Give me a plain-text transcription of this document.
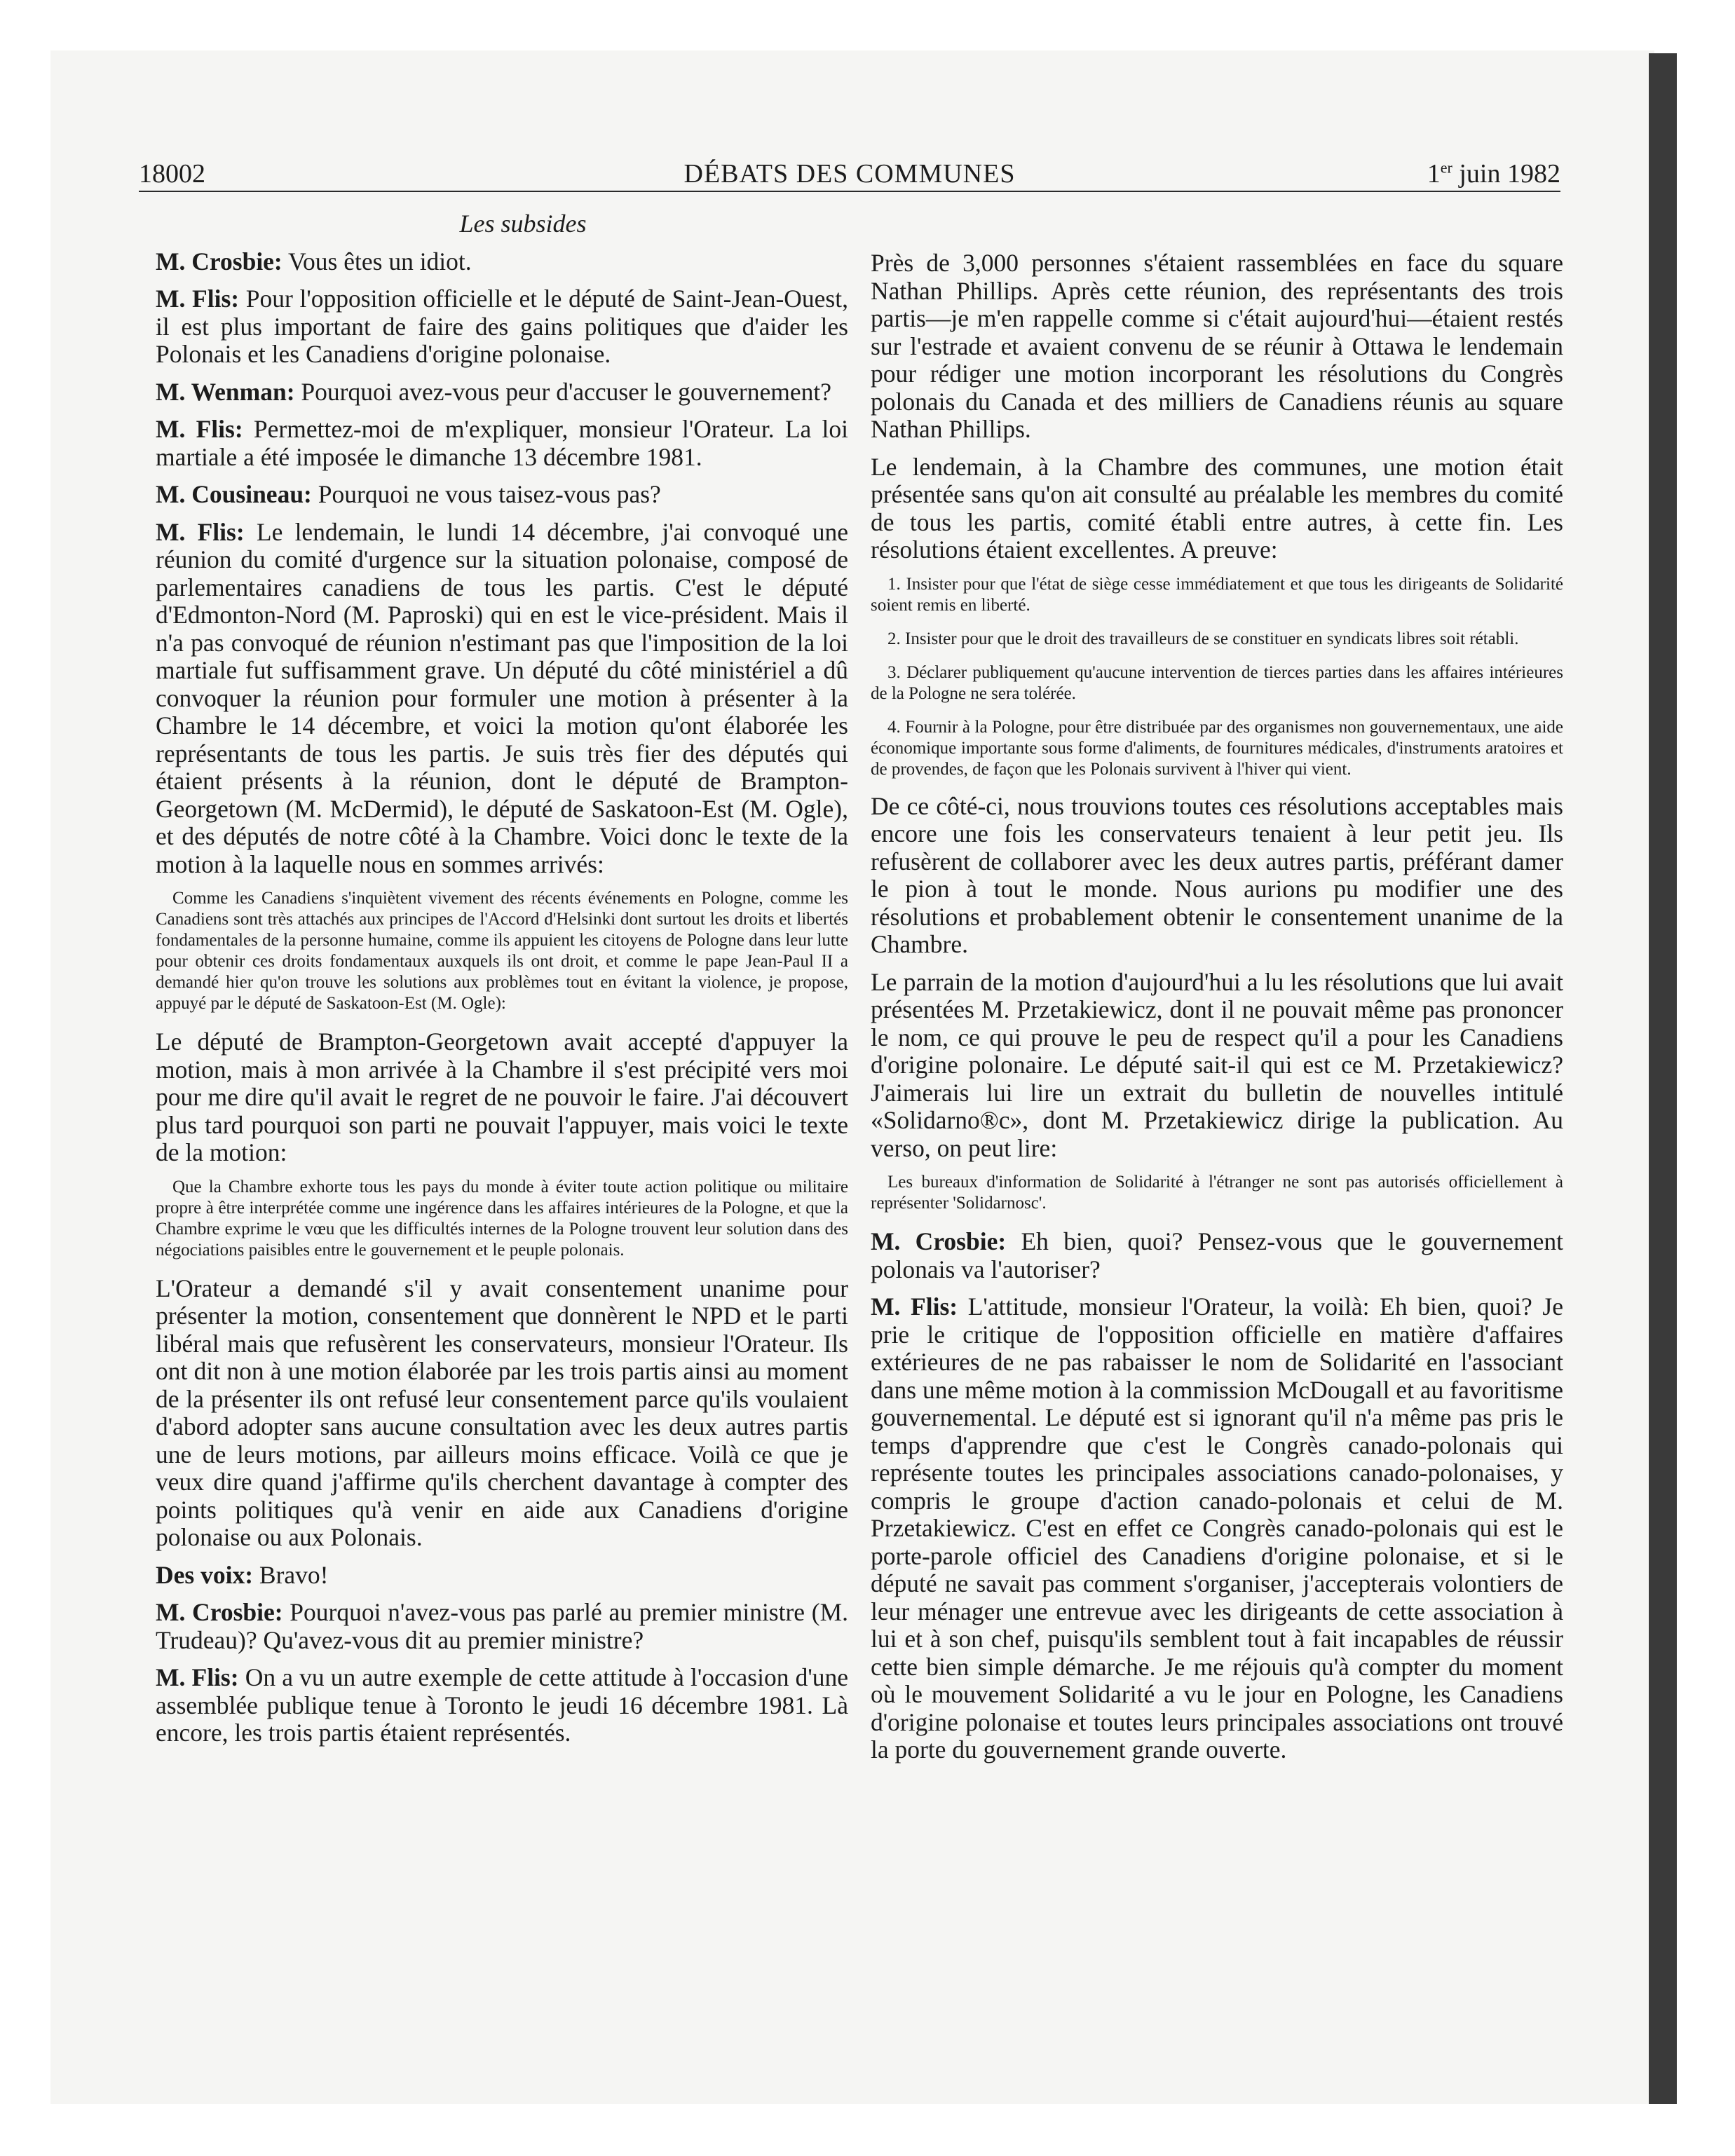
18002	DÉBATS DES COMMUNES	1er juin 1982
Les subsides

M. Crosbie: Vous êtes un idiot.

M. Flis: Pour l'opposition officielle et le député de Saint-Jean-Ouest, il est plus important de faire des gains politiques que d'aider les Polonais et les Canadiens d'origine polonaise.

M. Wenman: Pourquoi avez-vous peur d'accuser le gouvernement?

M. Flis: Permettez-moi de m'expliquer, monsieur l'Orateur. La loi martiale a été imposée le dimanche 13 décembre 1981.

M. Cousineau: Pourquoi ne vous taisez-vous pas?

M. Flis: Le lendemain, le lundi 14 décembre, j'ai convoqué une réunion du comité d'urgence sur la situation polonaise, composé de parlementaires canadiens de tous les partis. C'est le député d'Edmonton-Nord (M. Paproski) qui en est le vice-président. Mais il n'a pas convoqué de réunion n'estimant pas que l'imposition de la loi martiale fut suffisamment grave. Un député du côté ministériel a dû convoquer la réunion pour formuler une motion à présenter à la Chambre le 14 décembre, et voici la motion qu'ont élaborée les représentants de tous les partis. Je suis très fier des députés qui étaient présents à la réunion, dont le député de Brampton-Georgetown (M. McDermid), le député de Saskatoon-Est (M. Ogle), et des députés de notre côté à la Chambre. Voici donc le texte de la motion à la laquelle nous en sommes arrivés:

Comme les Canadiens s'inquiètent vivement des récents événements en Pologne, comme les Canadiens sont très attachés aux principes de l'Accord d'Helsinki dont surtout les droits et libertés fondamentales de la personne humaine, comme ils appuient les citoyens de Pologne dans leur lutte pour obtenir ces droits fondamentaux auxquels ils ont droit, et comme le pape Jean-Paul II a demandé hier qu'on trouve les solutions aux problèmes tout en évitant la violence, je propose, appuyé par le député de Saskatoon-Est (M. Ogle):

Le député de Brampton-Georgetown avait accepté d'appuyer la motion, mais à mon arrivée à la Chambre il s'est précipité vers moi pour me dire qu'il avait le regret de ne pouvoir le faire. J'ai découvert plus tard pourquoi son parti ne pouvait l'appuyer, mais voici le texte de la motion:

Que la Chambre exhorte tous les pays du monde à éviter toute action politique ou militaire propre à être interprétée comme une ingérence dans les affaires intérieures de la Pologne, et que la Chambre exprime le vœu que les difficultés internes de la Pologne trouvent leur solution dans des négociations paisibles entre le gouvernement et le peuple polonais.

L'Orateur a demandé s'il y avait consentement unanime pour présenter la motion, consentement que donnèrent le NPD et le parti libéral mais que refusèrent les conservateurs, monsieur l'Orateur. Ils ont dit non à une motion élaborée par les trois partis ainsi au moment de la présenter ils ont refusé leur consentement parce qu'ils voulaient d'abord adopter sans aucune consultation avec les deux autres partis une de leurs motions, par ailleurs moins efficace. Voilà ce que je veux dire quand j'affirme qu'ils cherchent davantage à compter des points politiques qu'à venir en aide aux Canadiens d'origine polonaise ou aux Polonais.

Des voix: Bravo!

M. Crosbie: Pourquoi n'avez-vous pas parlé au premier ministre (M. Trudeau)? Qu'avez-vous dit au premier ministre?

M. Flis: On a vu un autre exemple de cette attitude à l'occasion d'une assemblée publique tenue à Toronto le jeudi 16 décembre 1981. Là encore, les trois partis étaient représentés.

Près de 3,000 personnes s'étaient rassemblées en face du square Nathan Phillips. Après cette réunion, des représentants des trois partis—je m'en rappelle comme si c'était aujourd'hui—étaient restés sur l'estrade et avaient convenu de se réunir à Ottawa le lendemain pour rédiger une motion incorporant les résolutions du Congrès polonais du Canada et des milliers de Canadiens réunis au square Nathan Phillips.

Le lendemain, à la Chambre des communes, une motion était présentée sans qu'on ait consulté au préalable les membres du comité de tous les partis, comité établi entre autres, à cette fin. Les résolutions étaient excellentes. A preuve:

1. Insister pour que l'état de siège cesse immédiatement et que tous les dirigeants de Solidarité soient remis en liberté.
2. Insister pour que le droit des travailleurs de se constituer en syndicats libres soit rétabli.
3. Déclarer publiquement qu'aucune intervention de tierces parties dans les affaires intérieures de la Pologne ne sera tolérée.
4. Fournir à la Pologne, pour être distribuée par des organismes non gouvernementaux, une aide économique importante sous forme d'aliments, de fournitures médicales, d'instruments aratoires et de provendes, de façon que les Polonais survivent à l'hiver qui vient.

De ce côté-ci, nous trouvions toutes ces résolutions acceptables mais encore une fois les conservateurs tenaient à leur petit jeu. Ils refusèrent de collaborer avec les deux autres partis, préférant damer le pion à tout le monde. Nous aurions pu modifier une des résolutions et probablement obtenir le consentement unanime de la Chambre.

Le parrain de la motion d'aujourd'hui a lu les résolutions que lui avait présentées M. Przetakiewicz, dont il ne pouvait même pas prononcer le nom, ce qui prouve le peu de respect qu'il a pour les Canadiens d'origine polonaire. Le député sait-il qui est ce M. Przetakiewicz? J'aimerais lui lire un extrait du bulletin de nouvelles intitulé «Solidarno®c», dont M. Przetakiewicz dirige la publication. Au verso, on peut lire:

Les bureaux d'information de Solidarité à l'étranger ne sont pas autorisés officiellement à représenter 'Solidarnosc'.

M. Crosbie: Eh bien, quoi? Pensez-vous que le gouvernement polonais va l'autoriser?

M. Flis: L'attitude, monsieur l'Orateur, la voilà: Eh bien, quoi? Je prie le critique de l'opposition officielle en matière d'affaires extérieures de ne pas rabaisser le nom de Solidarité en l'associant dans une même motion à la commission McDougall et au favoritisme gouvernemental. Le député est si ignorant qu'il n'a même pas pris le temps d'apprendre que c'est le Congrès canado-polonais qui représente toutes les principales associations canado-polonaises, y compris le groupe d'action canado-polonais et celui de M. Przetakiewicz. C'est en effet ce Congrès canado-polonais qui est le porte-parole officiel des Canadiens d'origine polonaise, et si le député ne savait pas comment s'organiser, j'accepterais volontiers de leur ménager une entrevue avec les dirigeants de cette association à lui et à son chef, puisqu'ils semblent tout à fait incapables de réussir cette bien simple démarche. Je me réjouis qu'à compter du moment où le mouvement Solidarité a vu le jour en Pologne, les Canadiens d'origine polonaise et toutes leurs principales associations ont trouvé la porte du gouvernement grande ouverte.
